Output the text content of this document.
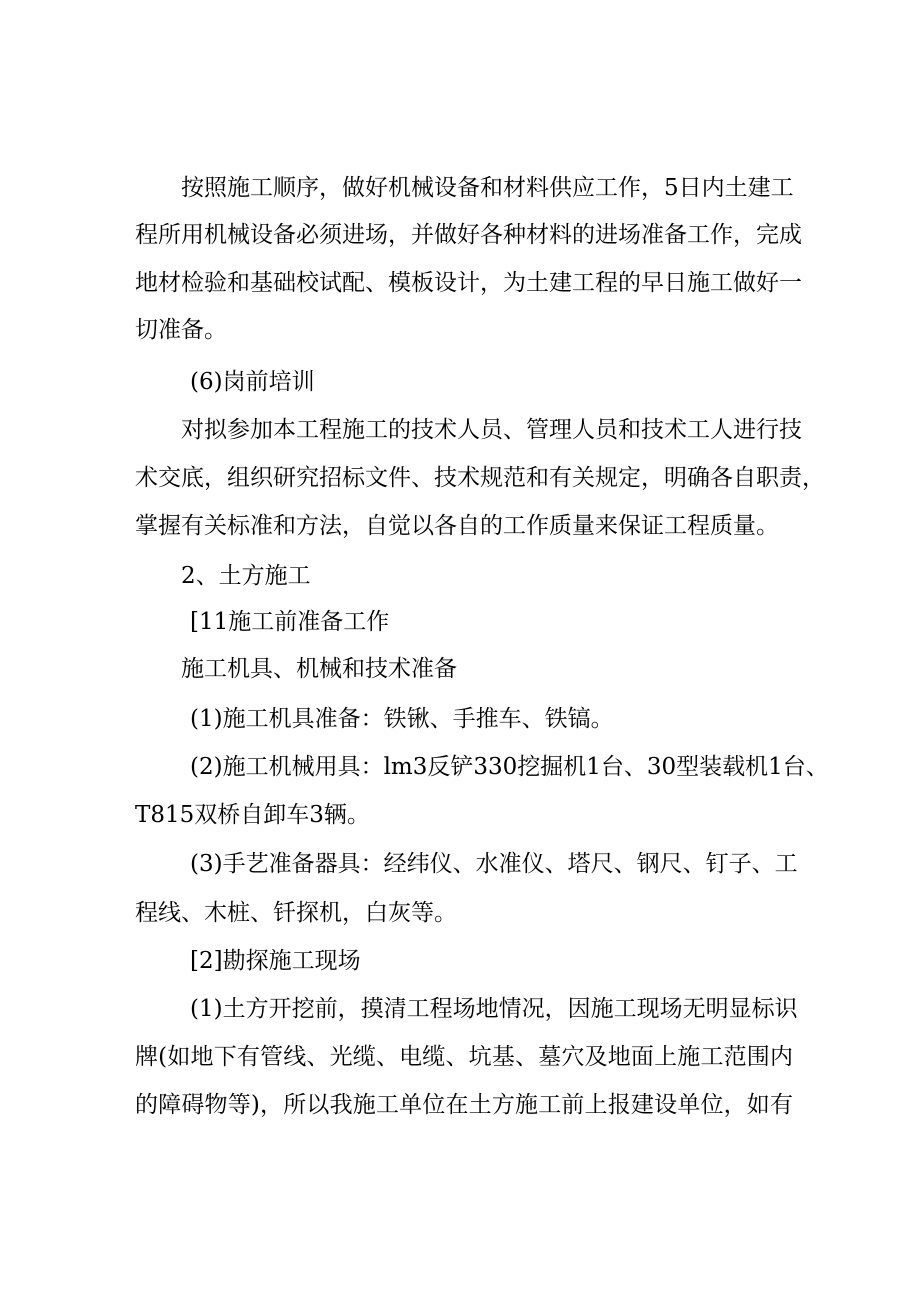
按照施工顺序，做好机械设备和材料供应工作，5日内土建工
程所用机械设备必须进场，并做好各种材料的进场准备工作，完成
地材检验和基础校试配、模板设计，为土建工程的早日施工做好一
切准备。
(6)岗前培训
对拟参加本工程施工的技术人员、管理人员和技术工人进行技
术交底，组织研究招标文件、技术规范和有关规定，明确各自职责，
掌握有关标准和方法，自觉以各自的工作质量来保证工程质量。
2、土方施工
[11施工前准备工作
施工机具、机械和技术准备
(1)施工机具准备：铁锹、手推车、铁镐。
(2)施工机械用具：lm3反铲330挖掘机1台、30型装载机1台、
T815双桥自卸车3辆。
(3)手艺准备器具：经纬仪、水准仪、塔尺、钢尺、钉子、工
程线、木桩、钎探机，白灰等。
[2]勘探施工现场
(1)土方开挖前，摸清工程场地情况，因施工现场无明显标识
牌(如地下有管线、光缆、电缆、坑基、墓穴及地面上施工范围内
的障碍物等)，所以我施工单位在土方施工前上报建设单位，如有
